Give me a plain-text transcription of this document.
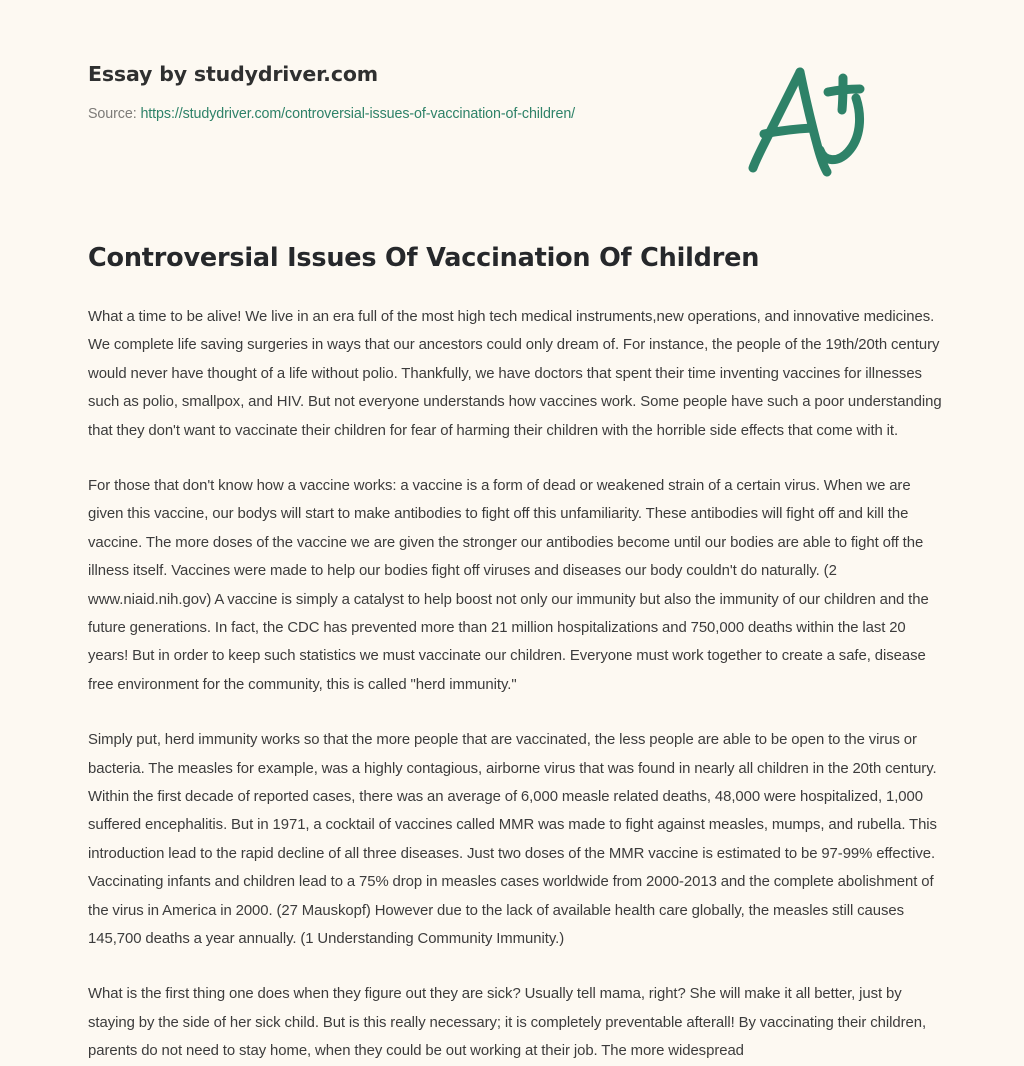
Essay by studydriver.com
Source: https://studydriver.com/controversial-issues-of-vaccination-of-children/
Controversial Issues Of Vaccination Of Children

What a time to be alive! We live in an era full of the most high tech medical instruments,new operations, and innovative medicines. We complete life saving surgeries in ways that our ancestors could only dream of. For instance, the people of the 19th/20th century would never have thought of a life without polio. Thankfully, we have doctors that spent their time inventing vaccines for illnesses such as polio, smallpox, and HIV. But not everyone understands how vaccines work. Some people have such a poor understanding that they don't want to vaccinate their children for fear of harming their children with the horrible side effects that come with it.

For those that don't know how a vaccine works: a vaccine is a form of dead or weakened strain of a certain virus. When we are given this vaccine, our bodys will start to make antibodies to fight off this unfamiliarity. These antibodies will fight off and kill the vaccine. The more doses of the vaccine we are given the stronger our antibodies become until our bodies are able to fight off the illness itself. Vaccines were made to help our bodies fight off viruses and diseases our body couldn't do naturally. (2 www.niaid.nih.gov) A vaccine is simply a catalyst to help boost not only our immunity but also the immunity of our children and the future generations. In fact, the CDC has prevented more than 21 million hospitalizations and 750,000 deaths within the last 20 years! But in order to keep such statistics we must vaccinate our children. Everyone must work together to create a safe, disease free environment for the community, this is called "herd immunity."

Simply put, herd immunity works so that the more people that are vaccinated, the less people are able to be open to the virus or bacteria. The measles for example, was a highly contagious, airborne virus that was found in nearly all children in the 20th century. Within the first decade of reported cases, there was an average of 6,000 measle related deaths, 48,000 were hospitalized, 1,000 suffered encephalitis. But in 1971, a cocktail of vaccines called MMR was made to fight against measles, mumps, and rubella. This introduction lead to the rapid decline of all three diseases. Just two doses of the MMR vaccine is estimated to be 97-99% effective. Vaccinating infants and children lead to a 75% drop in measles cases worldwide from 2000-2013 and the complete abolishment of the virus in America in 2000. (27 Mauskopf) However due to the lack of available health care globally, the measles still causes 145,700 deaths a year annually. (1 Understanding Community Immunity.)

What is the first thing one does when they figure out they are sick? Usually tell mama, right? She will make it all better, just by staying by the side of her sick child. But is this really necessary; it is completely preventable afterall! By vaccinating their children, parents do not need to stay home, when they could be out working at their job. The more widespread
